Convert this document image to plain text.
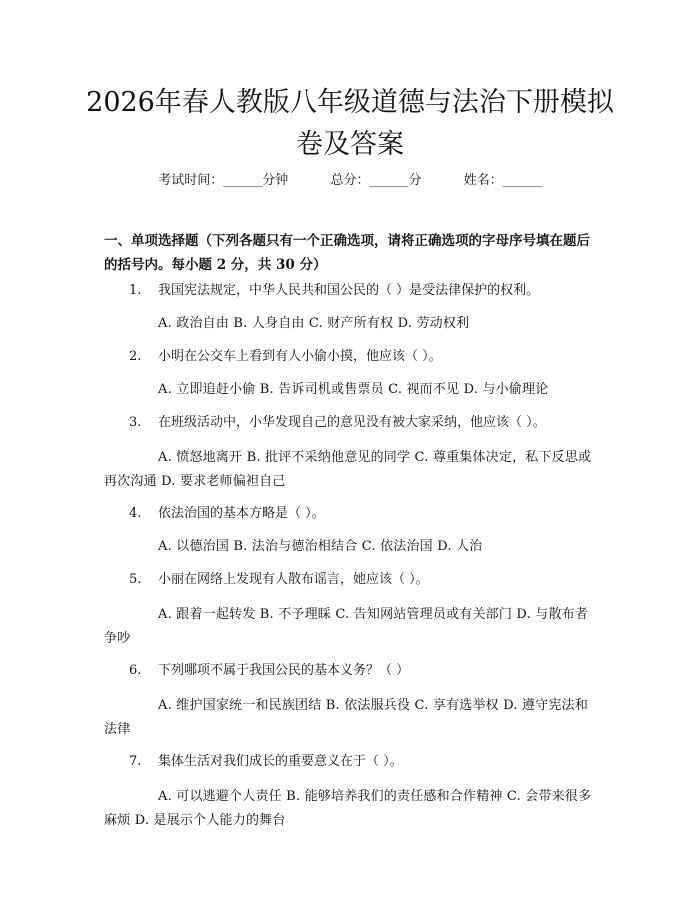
2026年春人教版八年级道德与法治下册模拟卷及答案
考试时间：______分钟	总分：______分	姓名：______
一、单项选择题（下列各题只有一个正确选项，请将正确选项的字母序号填在题后的括号内。每小题 2 分，共 30 分）
1. 我国宪法规定，中华人民共和国公民的（ ）是受法律保护的权利。
A. 政治自由 B. 人身自由 C. 财产所有权 D. 劳动权利
2. 小明在公交车上看到有人小偷小摸，他应该（ ）。
A. 立即追赶小偷 B. 告诉司机或售票员 C. 视而不见 D. 与小偷理论
3. 在班级活动中，小华发现自己的意见没有被大家采纳，他应该（ ）。
A. 愤怒地离开 B. 批评不采纳他意见的同学 C. 尊重集体决定，私下反思或再次沟通 D. 要求老师偏袒自己
4. 依法治国的基本方略是（ ）。
A. 以德治国 B. 法治与德治相结合 C. 依法治国 D. 人治
5. 小丽在网络上发现有人散布谣言，她应该（ ）。
A. 跟着一起转发 B. 不予理睬 C. 告知网站管理员或有关部门 D. 与散布者争吵
6. 下列哪项不属于我国公民的基本义务？（ ）
A. 维护国家统一和民族团结 B. 依法服兵役 C. 享有选举权 D. 遵守宪法和法律
7. 集体生活对我们成长的重要意义在于（ ）。
A. 可以逃避个人责任 B. 能够培养我们的责任感和合作精神 C. 会带来很多麻烦 D. 是展示个人能力的舞台
